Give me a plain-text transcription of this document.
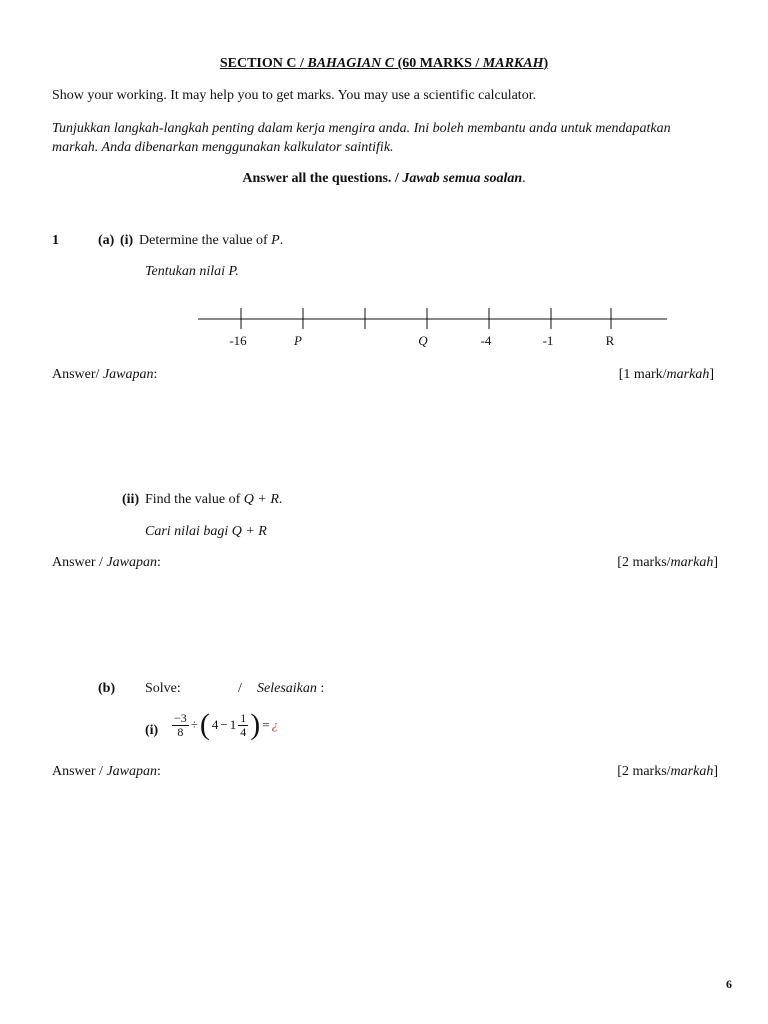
SECTION C / BAHAGIAN C (60 MARKS / MARKAH)
Show your working. It may help you to get marks. You may use a scientific calculator.
Tunjukkan langkah-langkah penting dalam kerja mengira anda. Ini boleh membantu anda untuk mendapatkan markah. Anda dibenarkan menggunakan kalkulator saintifik.
Answer all the questions. / Jawab semua soalan.
1	(a) (i) Determine the value of P.
Tentukan nilai P.
-16	P	Q	-4	-1	R
Answer/ Jawapan:	[1 mark/markah]
(ii) Find the value of Q + R.
Cari nilai bagi Q + R
Answer / Jawapan:	[2 marks/markah]
(b) Solve:	/ Selesaikan :
$(i) \frac{-3}{8}$ ÷ ( $4 - 1 \frac{1}{4}$ ) = ¿
Answer / Jawapan:	[2 marks/markah]
6
